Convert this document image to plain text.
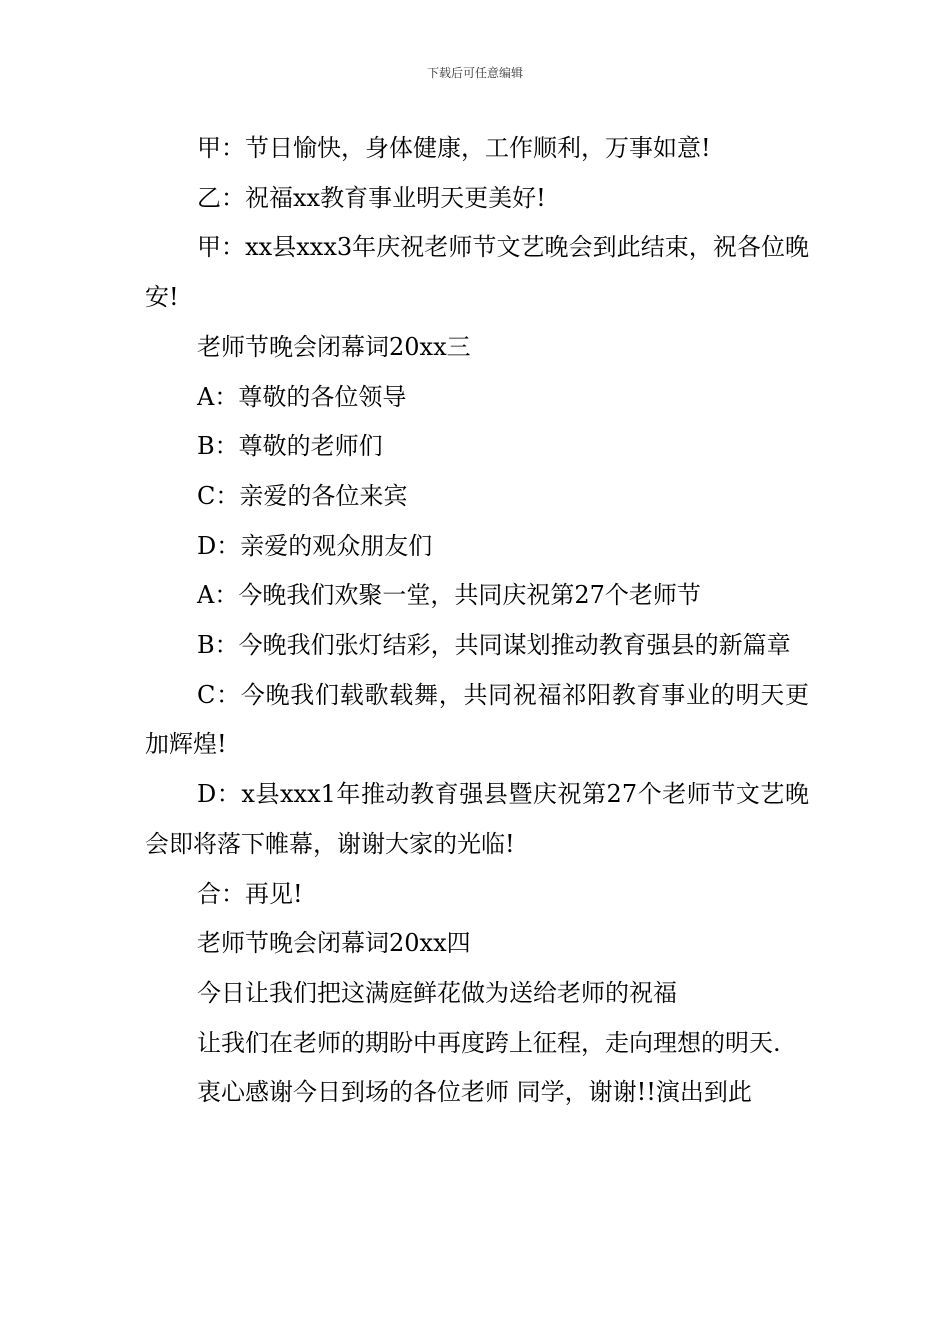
下载后可任意编辑

甲：节日愉快，身体健康，工作顺利，万事如意!

乙：祝福xx教育事业明天更美好!

甲：xx县xxx3年庆祝老师节文艺晚会到此结束，祝各位晚安!

老师节晚会闭幕词20xx三

A：尊敬的各位领导

B：尊敬的老师们

C：亲爱的各位来宾

D：亲爱的观众朋友们

A：今晚我们欢聚一堂，共同庆祝第27个老师节

B：今晚我们张灯结彩，共同谋划推动教育强县的新篇章

C：今晚我们载歌载舞，共同祝福祁阳教育事业的明天更加辉煌!

D：x县xxx1年推动教育强县暨庆祝第27个老师节文艺晚会即将落下帷幕，谢谢大家的光临!

合：再见!

老师节晚会闭幕词20xx四

今日让我们把这满庭鲜花做为送给老师的祝福

让我们在老师的期盼中再度跨上征程，走向理想的明天.

衷心感谢今日到场的各位老师 同学，谢谢!!演出到此
